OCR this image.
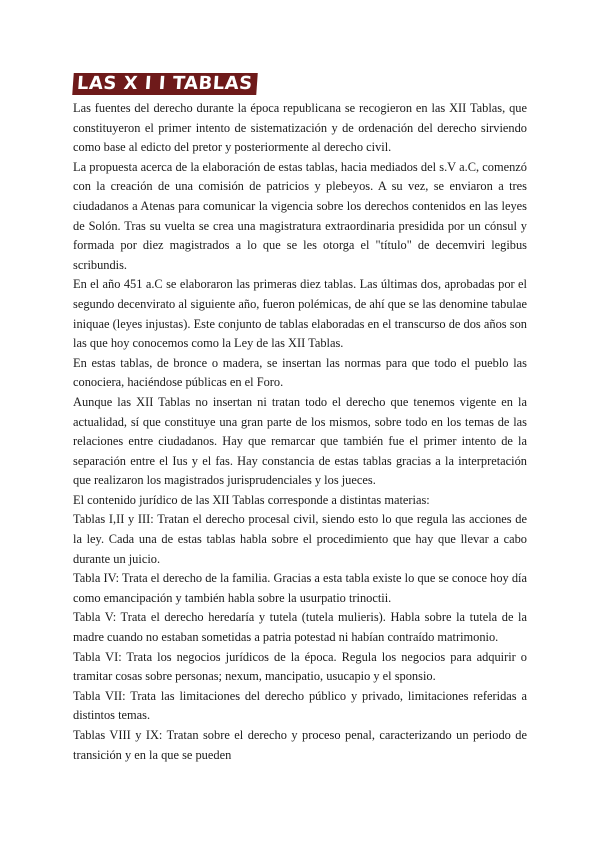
LAS X I I TABLAS

Las fuentes del derecho durante la época republicana se recogieron en las XII Tablas, que constituyeron el primer intento de sistematización y de ordenación del derecho sirviendo como base al edicto del pretor y posteriormente al derecho civil.

La propuesta acerca de la elaboración de estas tablas, hacia mediados del s.V a.C, comenzó con la creación de una comisión de patricios y plebeyos. A su vez, se enviaron a tres ciudadanos a Atenas para comunicar la vigencia sobre los derechos contenidos en las leyes de Solón. Tras su vuelta se crea una magistratura extraordinaria presidida por un cónsul y formada por diez magistrados a lo que se les otorga el "título" de decemviri legibus scribundis.

En el año 451 a.C se elaboraron las primeras diez tablas. Las últimas dos, aprobadas por el segundo decenvirato al siguiente año, fueron polémicas, de ahí que se las denomine tabulae iniquae (leyes injustas). Este conjunto de tablas elaboradas en el transcurso de dos años son las que hoy conocemos como la Ley de las XII Tablas.

En estas tablas, de bronce o madera, se insertan las normas para que todo el pueblo las conociera, haciéndose públicas en el Foro.

Aunque las XII Tablas no insertan ni tratan todo el derecho que tenemos vigente en la actualidad, sí que constituye una gran parte de los mismos, sobre todo en los temas de las relaciones entre ciudadanos. Hay que remarcar que también fue el primer intento de la separación entre el Ius y el fas. Hay constancia de estas tablas gracias a la interpretación que realizaron los magistrados jurisprudenciales y los jueces.

El contenido jurídico de las XII Tablas corresponde a distintas materias:

Tablas I,II y III: Tratan el derecho procesal civil, siendo esto lo que regula las acciones de la ley. Cada una de estas tablas habla sobre el procedimiento que hay que llevar a cabo durante un juicio.

Tabla IV: Trata el derecho de la familia. Gracias a esta tabla existe lo que se conoce hoy día como emancipación y también habla sobre la usurpatio trinoctii.

Tabla V: Trata el derecho heredaría y tutela (tutela mulieris). Habla sobre la tutela de la madre cuando no estaban sometidas a patria potestad ni habían contraído matrimonio.

Tabla VI: Trata los negocios jurídicos de la época. Regula los negocios para adquirir o tramitar cosas sobre personas; nexum, mancipatio, usucapio y el sponsio.

Tabla VII: Trata las limitaciones del derecho público y privado, limitaciones referidas a distintos temas.

Tablas VIII y IX: Tratan sobre el derecho y proceso penal, caracterizando un periodo de transición y en la que se pueden
